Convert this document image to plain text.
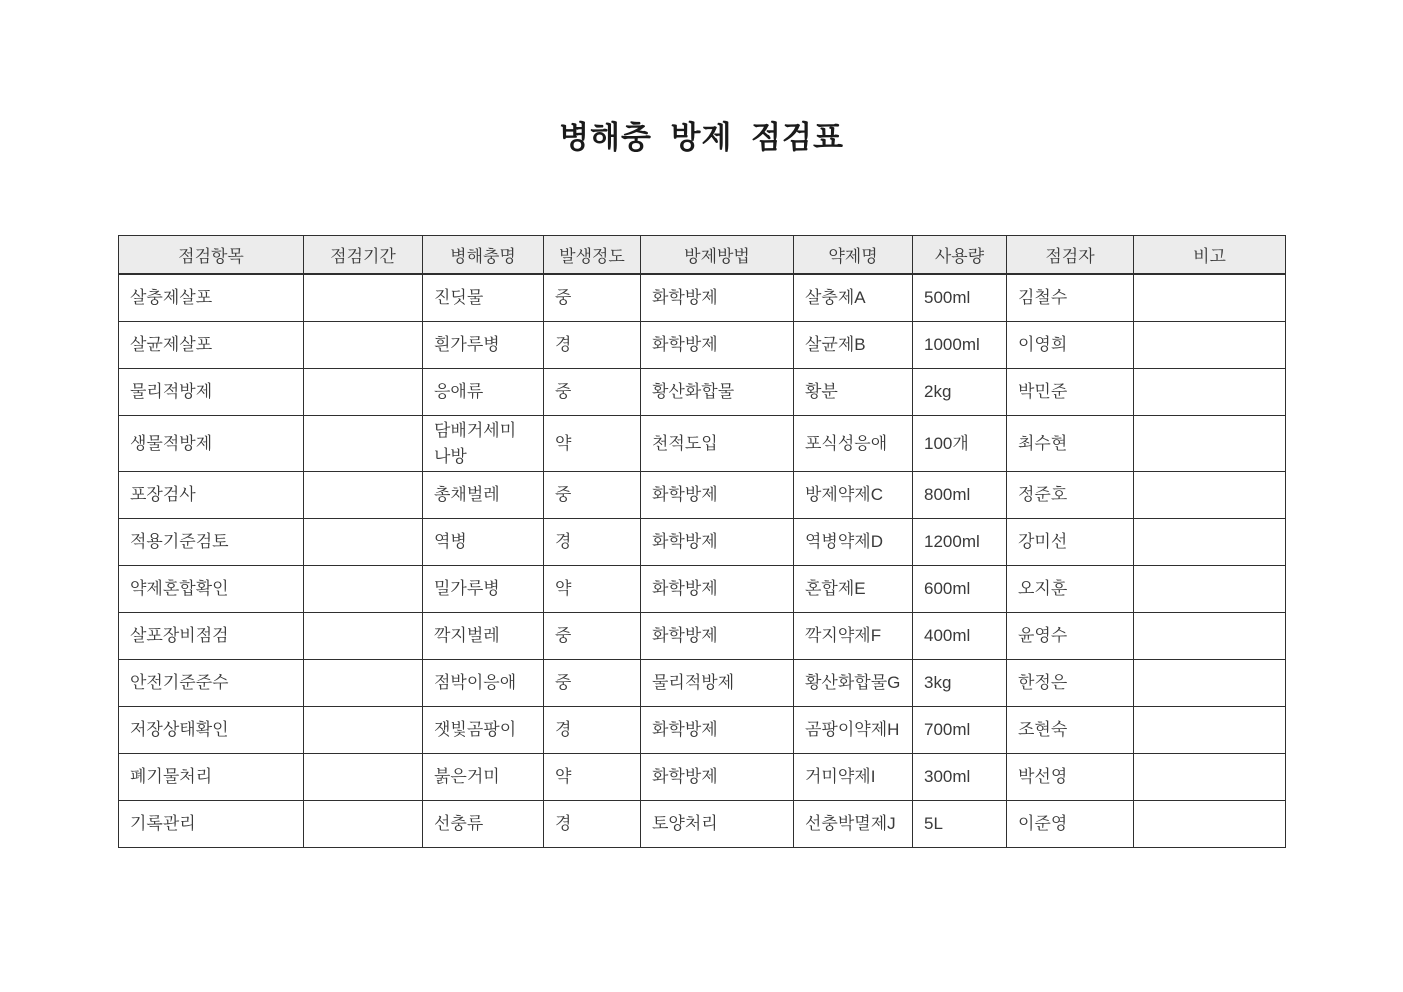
병해충 방제 점검표
점검항목	점검기간	병해충명	발생정도	방제방법	약제명	사용량	점검자	비고
살충제살포		진딧물	중	화학방제	살충제A	500ml	김철수	
살균제살포		흰가루병	경	화학방제	살균제B	1000ml	이영희	
물리적방제		응애류	중	황산화합물	황분	2kg	박민준	
생물적방제		담배거세미나방	약	천적도입	포식성응애	100개	최수현	
포장검사		총채벌레	중	화학방제	방제약제C	800ml	정준호	
적용기준검토		역병	경	화학방제	역병약제D	1200ml	강미선	
약제혼합확인		밀가루병	약	화학방제	혼합제E	600ml	오지훈	
살포장비점검		깍지벌레	중	화학방제	깍지약제F	400ml	윤영수	
안전기준준수		점박이응애	중	물리적방제	황산화합물G	3kg	한정은	
저장상태확인		잿빛곰팡이	경	화학방제	곰팡이약제H	700ml	조현숙	
폐기물처리		붉은거미	약	화학방제	거미약제I	300ml	박선영	
기록관리		선충류	경	토양처리	선충박멸제J	5L	이준영	
